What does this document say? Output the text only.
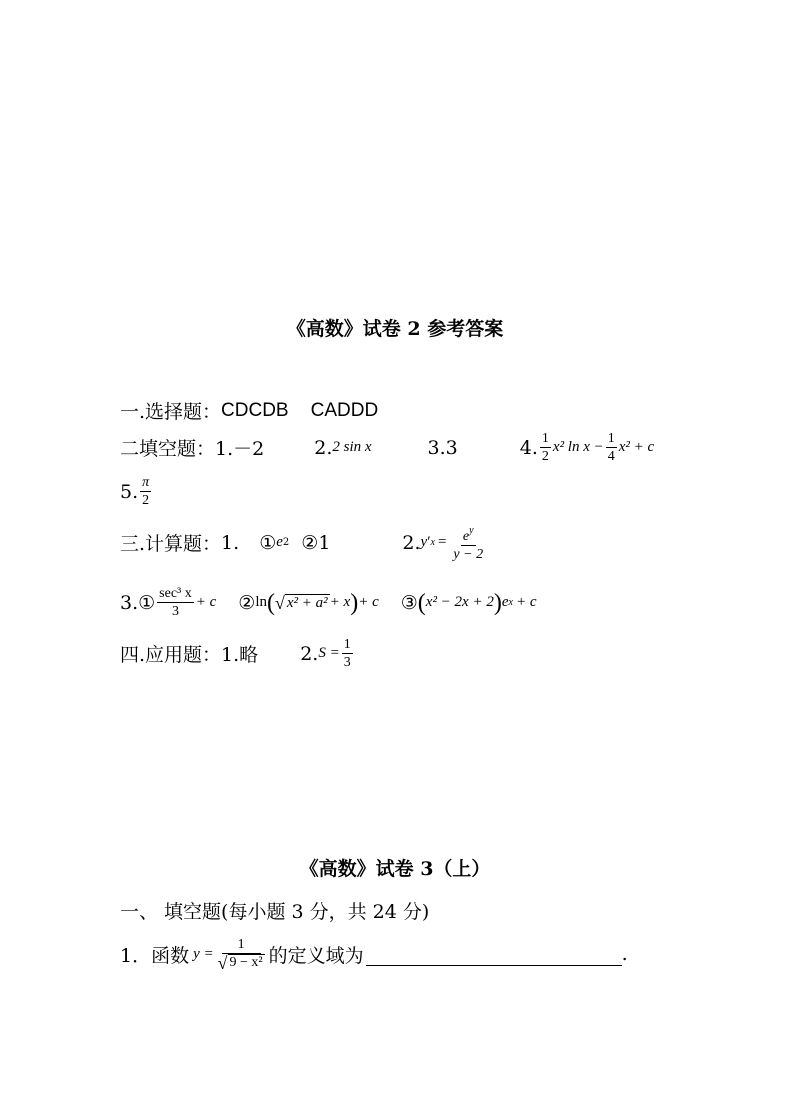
《高数》试卷 2 参考答案
一.选择题： CDCDB CADDD
二填空题： 1.－2	2. 2 sin x	3.3	4. $\frac{1}{2} x^2$ $\ln x - \frac{1}{4} x^2 + c$
5. $\frac{\pi}{2}$
三.计算题： 1. ① e 2 ②1	2. y ′ $x = \frac{e^y}{y - 2}$
3.① $\frac{\text{sec³ x}}{3} + c$ ② ln ( √ x² + a² + x ) + c ③ ( x² − 2x + 2 ) e x + c
四.应用题： 1.略 2. $S = \frac{1}{3}$
《高数》试卷 3（上）
一、 填空题(每小题 3 分，共 24 分)
1．函数 $y = \frac{1}{\text{√ 9 − x²}}$ 的定义域为	.
